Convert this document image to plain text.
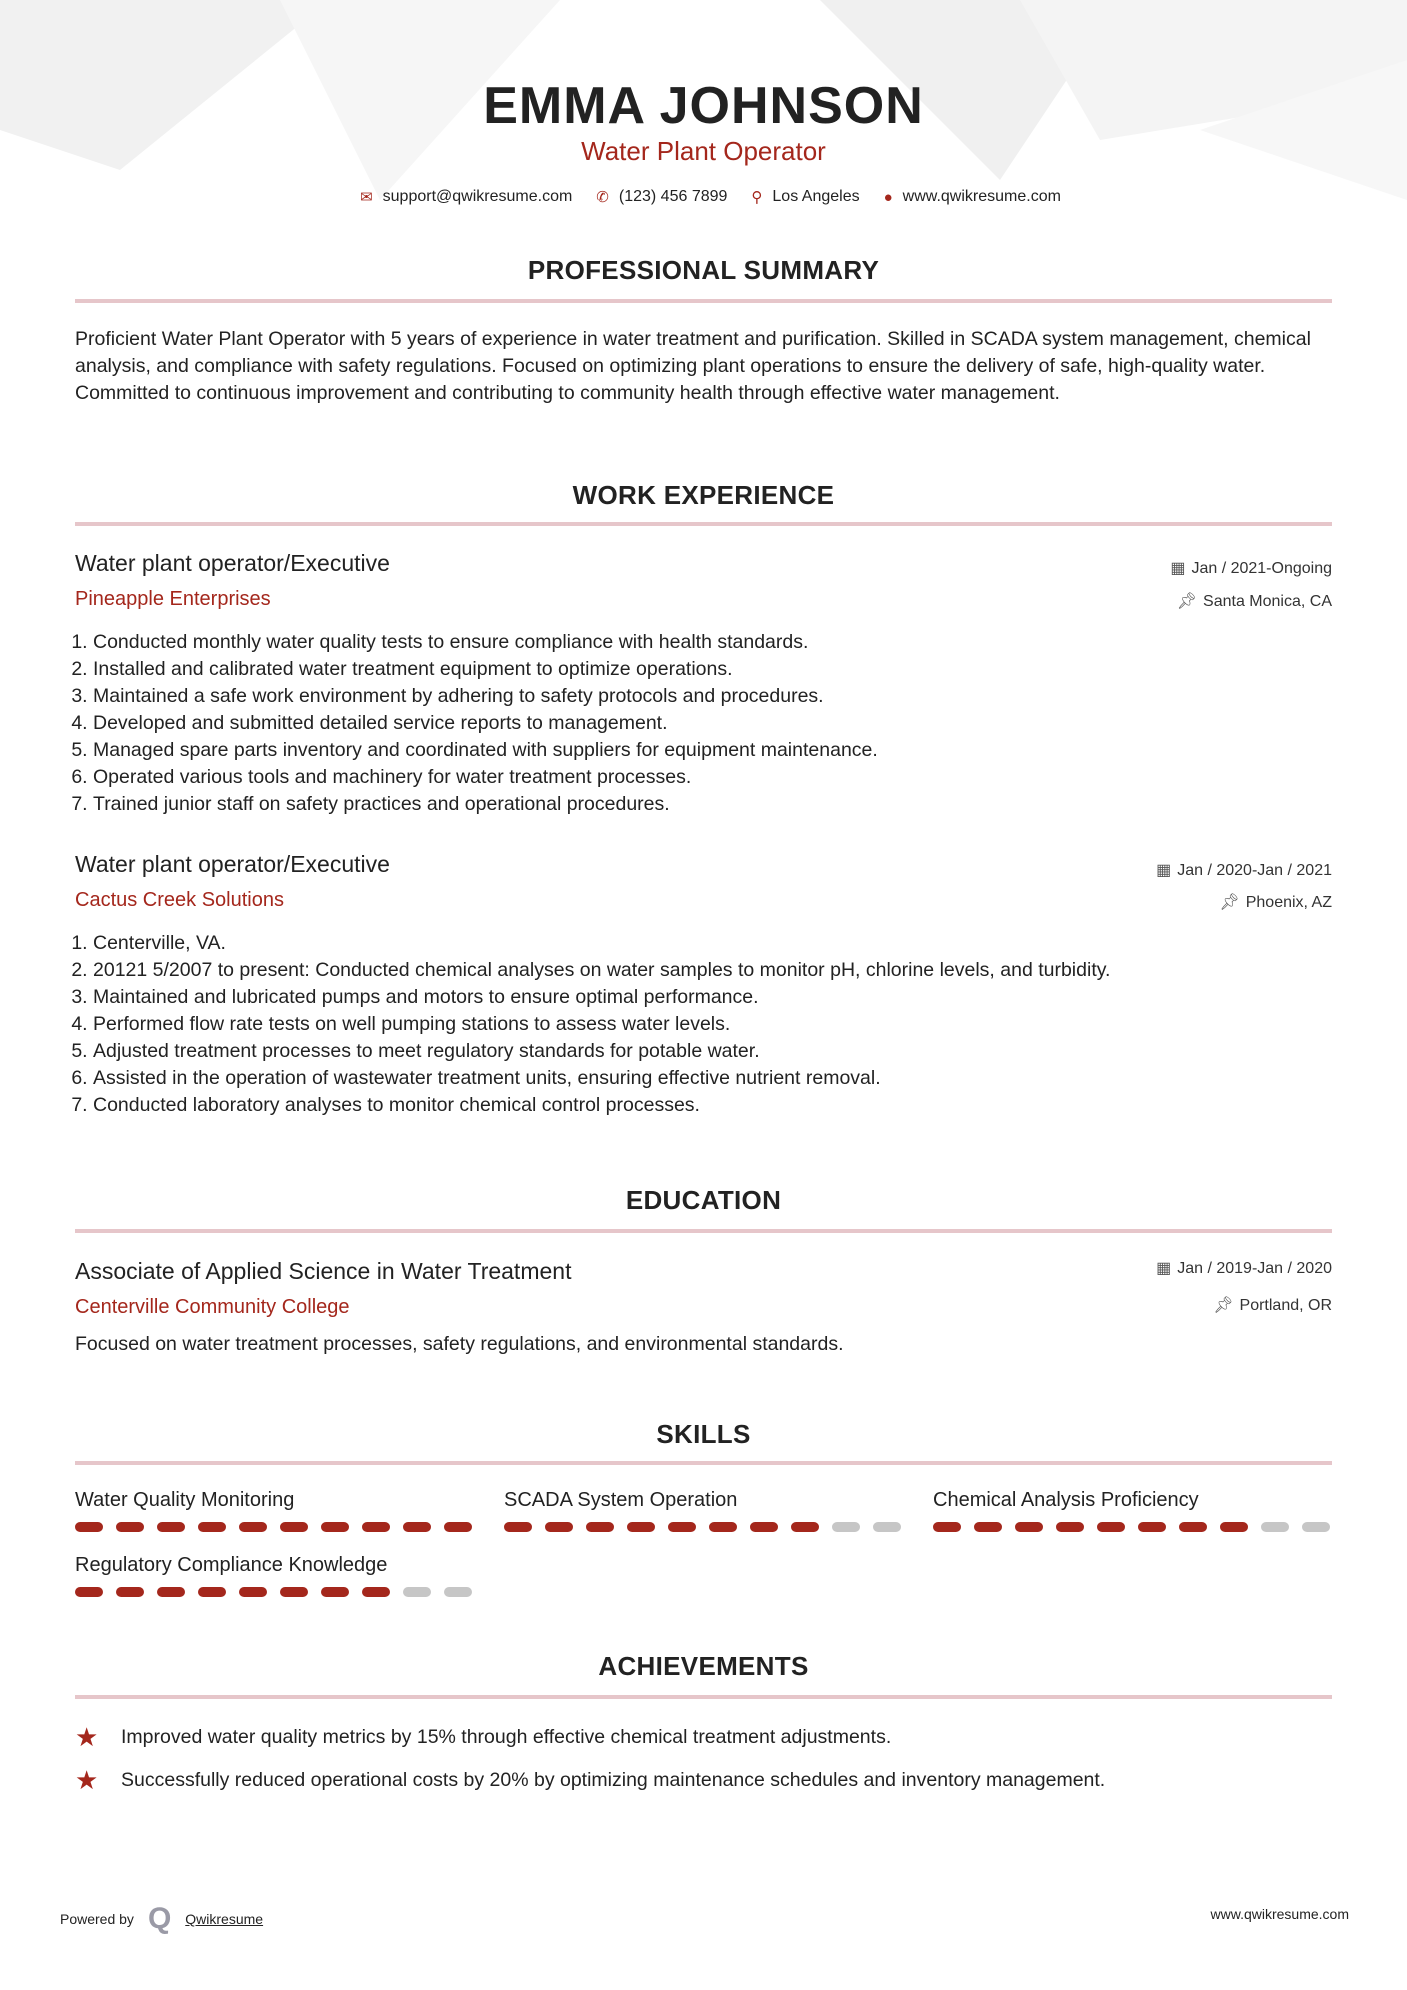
EMMA JOHNSON
Water Plant Operator
✉ support@qwikresume.com ✆ (123) 456 7899 ⚲ Los Angeles ● www.qwikresume.com
PROFESSIONAL SUMMARY
Proficient Water Plant Operator with 5 years of experience in water treatment and purification. Skilled in SCADA system management, chemical analysis, and compliance with safety regulations. Focused on optimizing plant operations to ensure the delivery of safe, high-quality water. Committed to continuous improvement and contributing to community health through effective water management.
WORK EXPERIENCE
Water plant operator/Executive
Pineapple Enterprises
▦ Jan / 2021-Ongoing
📌︎ Santa Monica, CA
1. Conducted monthly water quality tests to ensure compliance with health standards.
2. Installed and calibrated water treatment equipment to optimize operations.
3. Maintained a safe work environment by adhering to safety protocols and procedures.
4. Developed and submitted detailed service reports to management.
5. Managed spare parts inventory and coordinated with suppliers for equipment maintenance.
6. Operated various tools and machinery for water treatment processes.
7. Trained junior staff on safety practices and operational procedures.
Water plant operator/Executive
Cactus Creek Solutions
▦ Jan / 2020-Jan / 2021
📌︎ Phoenix, AZ
1. Centerville, VA.
2. 20121 5/2007 to present: Conducted chemical analyses on water samples to monitor pH, chlorine levels, and turbidity.
3. Maintained and lubricated pumps and motors to ensure optimal performance.
4. Performed flow rate tests on well pumping stations to assess water levels.
5. Adjusted treatment processes to meet regulatory standards for potable water.
6. Assisted in the operation of wastewater treatment units, ensuring effective nutrient removal.
7. Conducted laboratory analyses to monitor chemical control processes.
EDUCATION
Associate of Applied Science in Water Treatment
Centerville Community College
▦ Jan / 2019-Jan / 2020
📌︎ Portland, OR
Focused on water treatment processes, safety regulations, and environmental standards.
SKILLS
Water Quality Monitoring	SCADA System Operation	Chemical Analysis Proficiency
Regulatory Compliance Knowledge
ACHIEVEMENTS
★	Improved water quality metrics by 15% through effective chemical treatment adjustments.
★	Successfully reduced operational costs by 20% by optimizing maintenance schedules and inventory management.
Powered by Q Qwikresume	www.qwikresume.com
